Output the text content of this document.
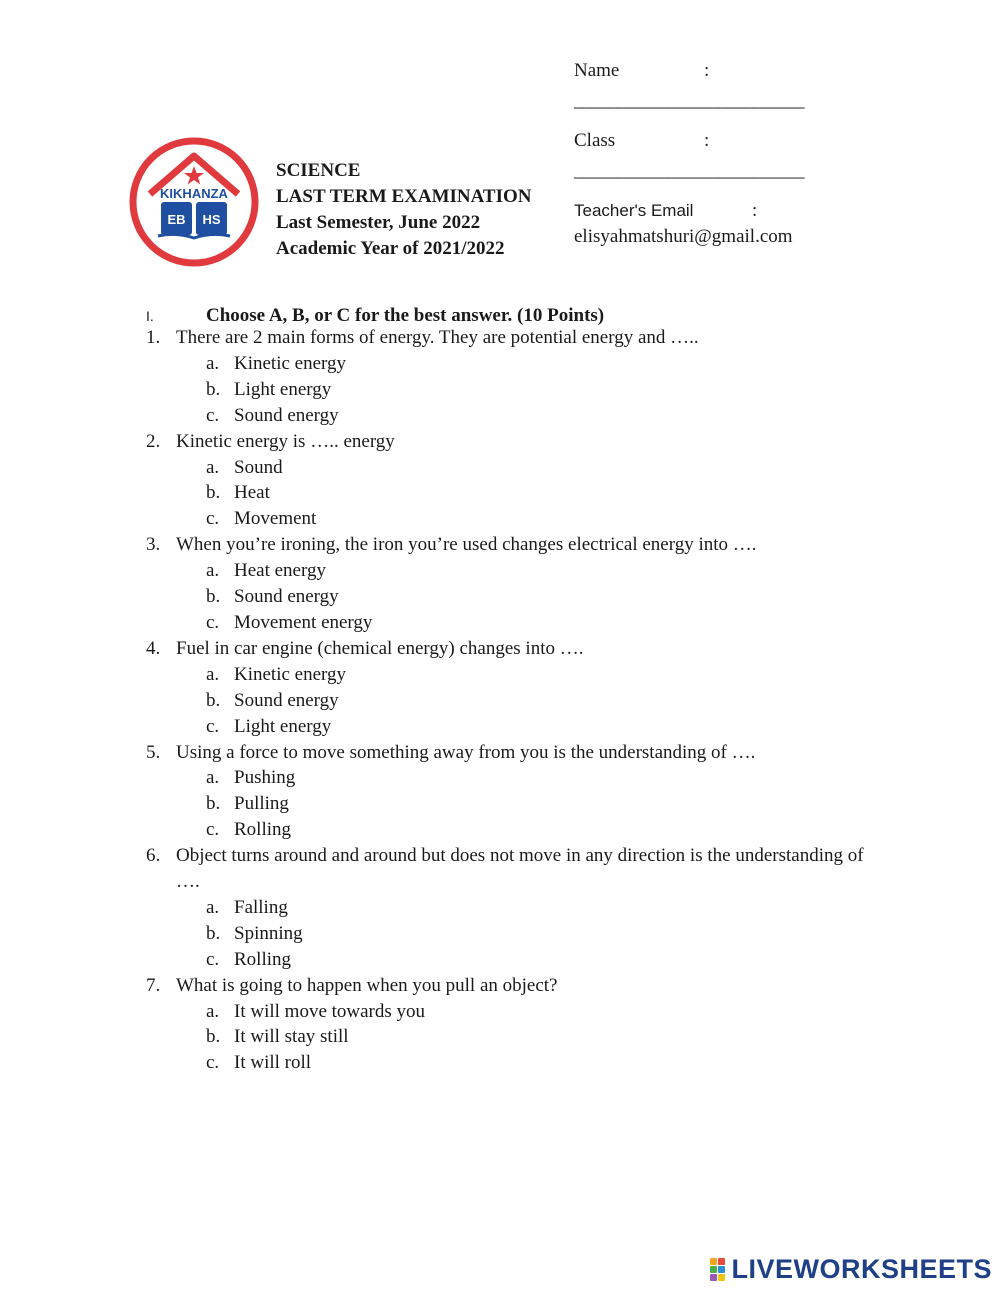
KIKHANZA
EB HS
SCIENCE
LAST TERM EXAMINATION
Last Semester, June 2022
Academic Year of 2021/2022
Name	:
___________________________
Class	:
___________________________
Teacher's Email	:
elisyahmatshuri@gmail.com
I.	Choose A, B, or C for the best answer. (10 Points)
1. There are 2 main forms of energy. They are potential energy and …..
a. Kinetic energy
b. Light energy
c. Sound energy
2. Kinetic energy is ….. energy
a. Sound
b. Heat
c. Movement
3. When you’re ironing, the iron you’re used changes electrical energy into ….
a. Heat energy
b. Sound energy
c. Movement energy
4. Fuel in car engine (chemical energy) changes into ….
a. Kinetic energy
b. Sound energy
c. Light energy
5. Using a force to move something away from you is the understanding of ….
a. Pushing
b. Pulling
c. Rolling
6. Object turns around and around but does not move in any direction is the understanding of ….
a. Falling
b. Spinning
c. Rolling
7. What is going to happen when you pull an object?
a. It will move towards you
b. It will stay still
c. It will roll
LIVEWORKSHEETS
